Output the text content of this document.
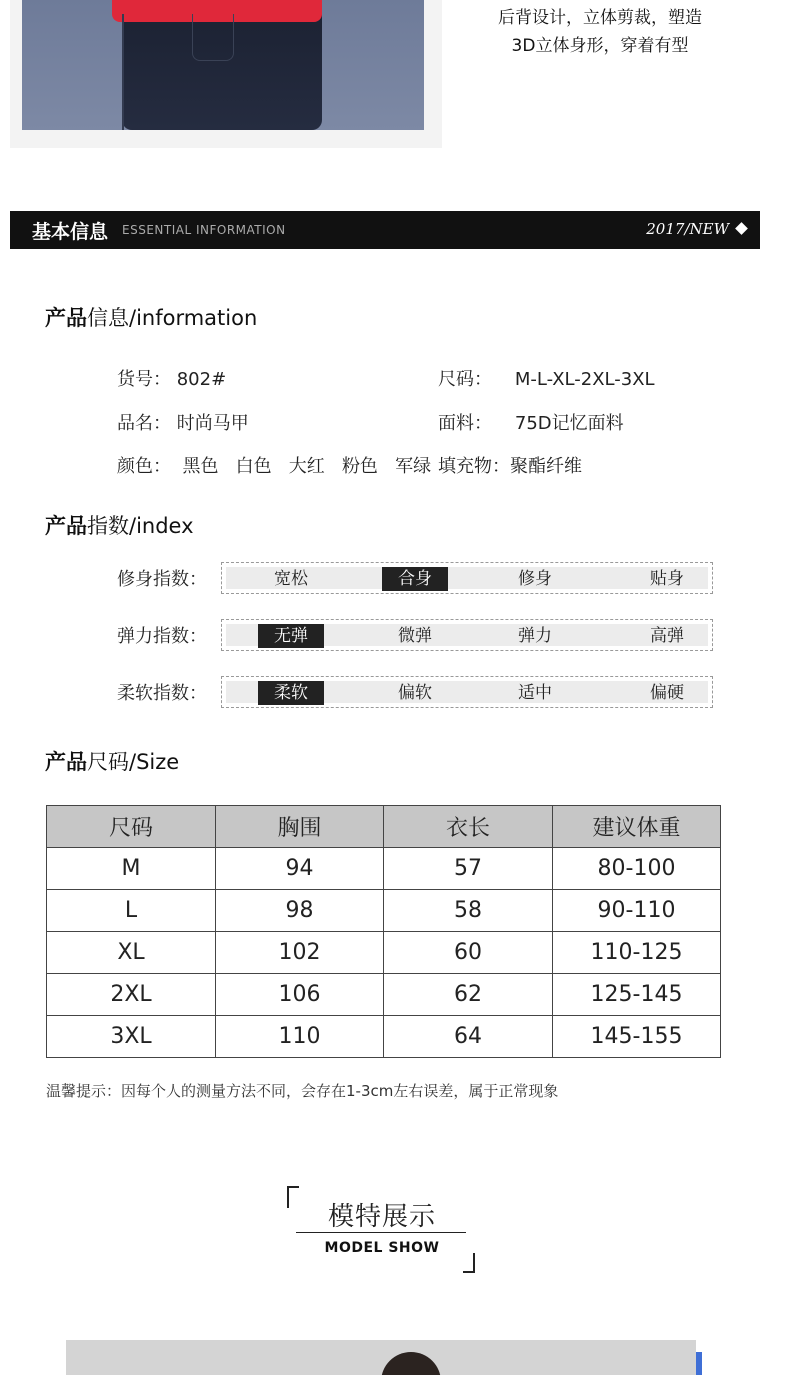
后背设计，立体剪裁，塑造
3D立体身形，穿着有型
基本信息 ESSENTIAL INFORMATION	2017/NEW
产品信息/information
货号： 802#
品名： 时尚马甲
颜色：  黑色   白色   大红   粉色   军绿
尺码：    M-L-XL-2XL-3XL
面料：    75D记忆面料
填充物：聚酯纤维
产品指数/index
修身指数：	宽松	合身	修身	贴身
弹力指数：	无弹	微弹	弹力	高弹
柔软指数：	柔软	偏软	适中	偏硬
产品尺码/Size
尺码	胸围	衣长	建议体重
M	94	57	80-100
L	98	58	90-110
XL	102	60	110-125
2XL	106	62	125-145
3XL	110	64	145-155
温馨提示：因每个人的测量方法不同，会存在1-3cm左右误差，属于正常现象
模特展示
MODEL SHOW
